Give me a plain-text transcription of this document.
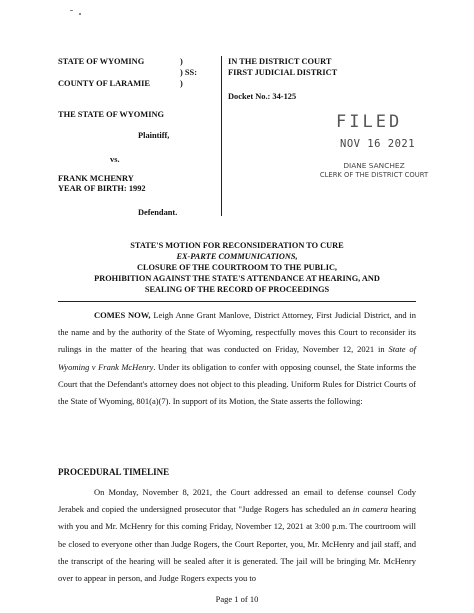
STATE OF WYOMING	)
) SS:
COUNTY OF LARAMIE	)
THE STATE OF WYOMING
Plaintiff,
vs.
FRANK MCHENRY
YEAR OF BIRTH: 1992
Defendant.
IN THE DISTRICT COURT
FIRST JUDICIAL DISTRICT
Docket No.: 34-125
FILED
NOV 16 2021
DIANE SANCHEZ
CLERK OF THE DISTRICT COURT
STATE'S MOTION FOR RECONSIDERATION TO CURE
EX-PARTE COMMUNICATIONS,
CLOSURE OF THE COURTROOM TO THE PUBLIC,
PROHIBITION AGAINST THE STATE'S ATTENDANCE AT HEARING, AND
SEALING OF THE RECORD OF PROCEEDINGS
COMES NOW, Leigh Anne Grant Manlove, District Attorney, First Judicial District, and in the name and by the authority of the State of Wyoming, respectfully moves this Court to reconsider its rulings in the matter of the hearing that was conducted on Friday, November 12, 2021 in State of Wyoming v Frank McHenry. Under its obligation to confer with opposing counsel, the State informs the Court that the Defendant's attorney does not object to this pleading. Uniform Rules for District Courts of the State of Wyoming, 801(a)(7). In support of its Motion, the State asserts the following:
PROCEDURAL TIMELINE
On Monday, November 8, 2021, the Court addressed an email to defense counsel Cody Jerabek and copied the undersigned prosecutor that "Judge Rogers has scheduled an in camera hearing with you and Mr. McHenry for this coming Friday, November 12, 2021 at 3:00 p.m. The courtroom will be closed to everyone other than Judge Rogers, the Court Reporter, you, Mr. McHenry and jail staff, and the transcript of the hearing will be sealed after it is generated. The jail will be bringing Mr. McHenry over to appear in person, and Judge Rogers expects you to
Page 1 of 10
